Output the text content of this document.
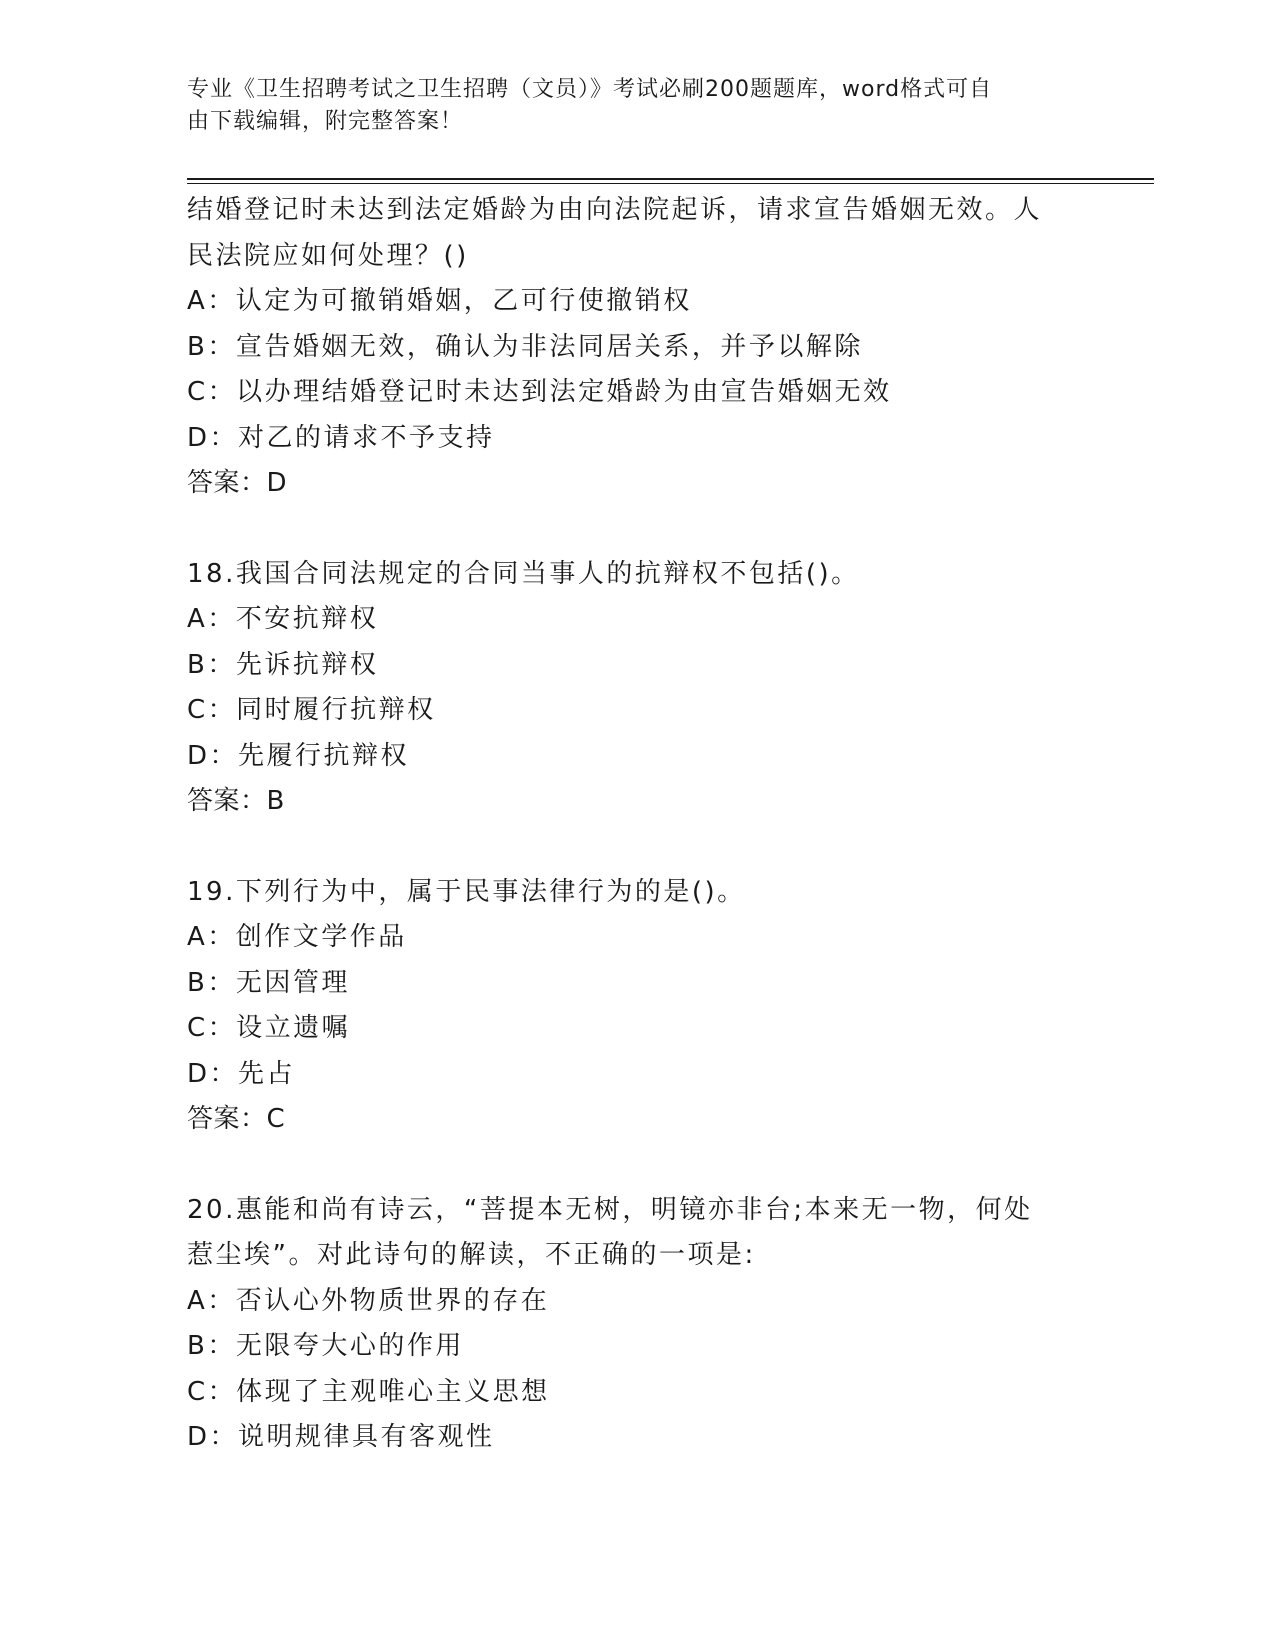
专业《卫生招聘考试之卫生招聘（文员）》考试必刷200题题库，word格式可自
由下载编辑，附完整答案！
结婚登记时未达到法定婚龄为由向法院起诉，请求宣告婚姻无效。人
民法院应如何处理？()
A：认定为可撤销婚姻，乙可行使撤销权
B：宣告婚姻无效，确认为非法同居关系，并予以解除
C：以办理结婚登记时未达到法定婚龄为由宣告婚姻无效
D：对乙的请求不予支持
答案：D
18.我国合同法规定的合同当事人的抗辩权不包括()。
A：不安抗辩权
B：先诉抗辩权
C：同时履行抗辩权
D：先履行抗辩权
答案：B
19.下列行为中，属于民事法律行为的是()。
A：创作文学作品
B：无因管理
C：设立遗嘱
D：先占
答案：C
20.惠能和尚有诗云，“菩提本无树，明镜亦非台;本来无一物，何处
惹尘埃”。对此诗句的解读，不正确的一项是:
A：否认心外物质世界的存在
B：无限夸大心的作用
C：体现了主观唯心主义思想
D：说明规律具有客观性
